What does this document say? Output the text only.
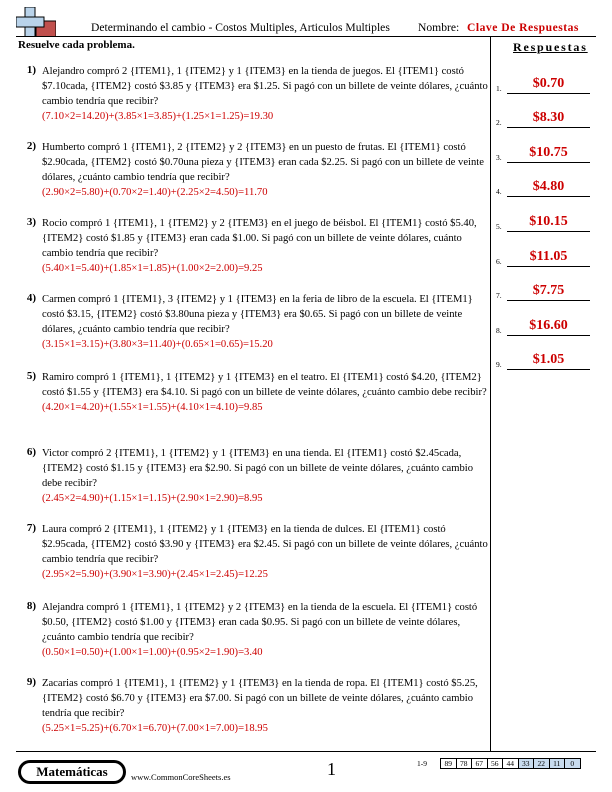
Determinando el cambio - Costos Multiples, Articulos Multiples Nombre: Clave De Respuestas
Resuelve cada problema.
1) Alejandro compró 2 {ITEM1}, 1 {ITEM2} y 1 {ITEM3} en la tienda de juegos. El {ITEM1} costó $7.10cada, {ITEM2} costó $3.85 y {ITEM3} era $1.25. Si pagó con un billete de veinte dólares, ¿cuánto cambio tendría que recibir?
(7.10×2=14.20)+(3.85×1=3.85)+(1.25×1=1.25)=19.30
2) Humberto compró 1 {ITEM1}, 2 {ITEM2} y 2 {ITEM3} en un puesto de frutas. El {ITEM1} costó $2.90cada, {ITEM2} costó $0.70una pieza y {ITEM3} eran cada $2.25. Si pagó con un billete de veinte dólares, ¿cuánto cambio tendría que recibir?
(2.90×2=5.80)+(0.70×2=1.40)+(2.25×2=4.50)=11.70
3) Rocio compró 1 {ITEM1}, 1 {ITEM2} y 2 {ITEM3} en el juego de béisbol. El {ITEM1} costó $5.40, {ITEM2} costó $1.85 y {ITEM3} eran cada $1.00. Si pagó con un billete de veinte dólares, cuánto cambio tendría que recibir?
(5.40×1=5.40)+(1.85×1=1.85)+(1.00×2=2.00)=9.25
4) Carmen compró 1 {ITEM1}, 3 {ITEM2} y 1 {ITEM3} en la feria de libro de la escuela. El {ITEM1} costó $3.15, {ITEM2} costó $3.80una pieza y {ITEM3} era $0.65. Si pagó con un billete de veinte dólares, ¿cuánto cambio tendría que recibir?
(3.15×1=3.15)+(3.80×3=11.40)+(0.65×1=0.65)=15.20
5) Ramiro compró 1 {ITEM1}, 1 {ITEM2} y 1 {ITEM3} en el teatro. El {ITEM1} costó $4.20, {ITEM2} costó $1.55 y {ITEM3} era $4.10. Si pagó con un billete de veinte dólares, ¿cuánto cambio debe recibir?
(4.20×1=4.20)+(1.55×1=1.55)+(4.10×1=4.10)=9.85
6) Victor compró 2 {ITEM1}, 1 {ITEM2} y 1 {ITEM3} en una tienda. El {ITEM1} costó $2.45cada, {ITEM2} costó $1.15 y {ITEM3} era $2.90. Si pagó con un billete de veinte dólares, ¿cuánto cambio debe recibir?
(2.45×2=4.90)+(1.15×1=1.15)+(2.90×1=2.90)=8.95
7) Laura compró 2 {ITEM1}, 1 {ITEM2} y 1 {ITEM3} en la tienda de dulces. El {ITEM1} costó $2.95cada, {ITEM2} costó $3.90 y {ITEM3} era $2.45. Si pagó con un billete de veinte dólares, ¿cuánto cambio tendría que recibir?
(2.95×2=5.90)+(3.90×1=3.90)+(2.45×1=2.45)=12.25
8) Alejandra compró 1 {ITEM1}, 1 {ITEM2} y 2 {ITEM3} en la tienda de la escuela. El {ITEM1} costó $0.50, {ITEM2} costó $1.00 y {ITEM3} eran cada $0.95. Si pagó con un billete de veinte dólares, ¿cuánto cambio tendría que recibir?
(0.50×1=0.50)+(1.00×1=1.00)+(0.95×2=1.90)=3.40
9) Zacarias compró 1 {ITEM1}, 1 {ITEM2} y 1 {ITEM3} en la tienda de ropa. El {ITEM1} costó $5.25, {ITEM2} costó $6.70 y {ITEM3} era $7.00. Si pagó con un billete de veinte dólares, ¿cuánto cambio tendría que recibir?
(5.25×1=5.25)+(6.70×1=6.70)+(7.00×1=7.00)=18.95
Respuestas
1.	$0.70
2.	$8.30
3.	$10.75
4.	$4.80
5.	$10.15
6.	$11.05
7.	$7.75
8.	$16.60
9.	$1.05
Matemáticas	www.CommonCoreSheets.es	1	1-9	89	78	67	56	44	33	22	11	0
